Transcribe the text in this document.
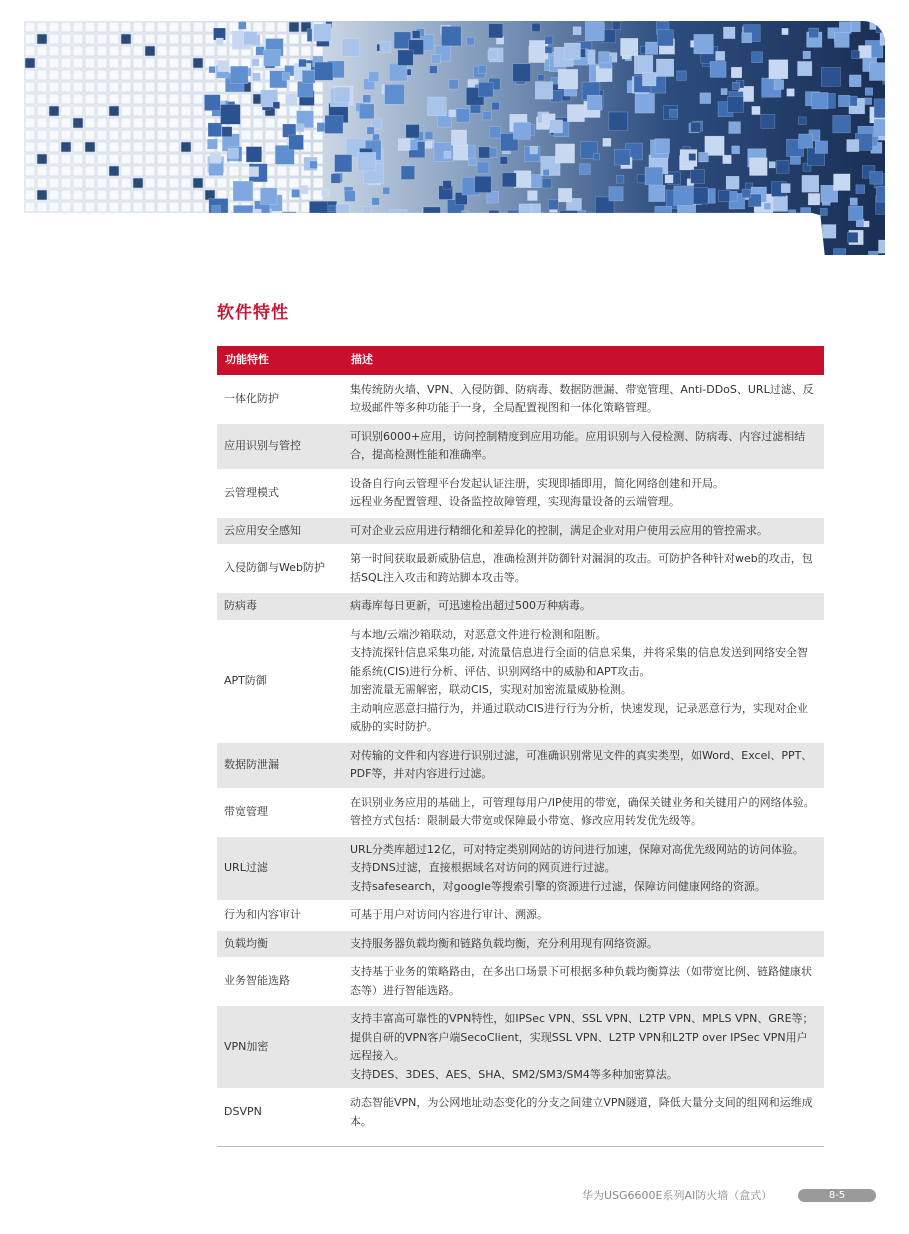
软件特性
功能特性	描述
一体化防护	集传统防火墙、VPN、入侵防御、防病毒、数据防泄漏、带宽管理、Anti-DDoS、URL过滤、反垃圾邮件等多种功能于一身，全局配置视图和一体化策略管理。

应用识别与管控	可识别6000+应用，访问控制精度到应用功能。应用识别与入侵检测、防病毒、内容过滤相结合，提高检测性能和准确率。

云管理模式	设备自行向云管理平台发起认证注册，实现即插即用，简化网络创建和开局。
远程业务配置管理、设备监控故障管理，实现海量设备的云端管理。

云应用安全感知	可对企业云应用进行精细化和差异化的控制，满足企业对用户使用云应用的管控需求。

入侵防御与Web防护	第一时间获取最新威胁信息，准确检测并防御针对漏洞的攻击。可防护各种针对web的攻击，包括SQL注入攻击和跨站脚本攻击等。

防病毒	病毒库每日更新，可迅速检出超过500万种病毒。

APT防御	与本地/云端沙箱联动，对恶意文件进行检测和阻断。
支持流探针信息采集功能, 对流量信息进行全面的信息采集，并将采集的信息发送到网络安全智能系统(CIS)进行分析、评估、识别网络中的威胁和APT攻击。
加密流量无需解密，联动CIS，实现对加密流量威胁检测。
主动响应恶意扫描行为，并通过联动CIS进行行为分析，快速发现，记录恶意行为，实现对企业威胁的实时防护。

数据防泄漏	对传输的文件和内容进行识别过滤，可准确识别常见文件的真实类型，如Word、Excel、PPT、PDF等，并对内容进行过滤。

带宽管理	在识别业务应用的基础上，可管理每用户/IP使用的带宽，确保关键业务和关键用户的网络体验。管控方式包括：限制最大带宽或保障最小带宽、修改应用转发优先级等。

URL过滤	URL分类库超过12亿，可对特定类别网站的访问进行加速，保障对高优先级网站的访问体验。
支持DNS过滤，直接根据域名对访问的网页进行过滤。
支持safesearch，对google等搜索引擎的资源进行过滤，保障访问健康网络的资源。

行为和内容审计	可基于用户对访问内容进行审计、溯源。

负载均衡	支持服务器负载均衡和链路负载均衡，充分利用现有网络资源。

业务智能选路	支持基于业务的策略路由，在多出口场景下可根据多种负载均衡算法（如带宽比例、链路健康状态等）进行智能选路。

VPN加密	支持丰富高可靠性的VPN特性，如IPSec VPN、SSL VPN、L2TP VPN、MPLS VPN、GRE等；提供自研的VPN客户端SecoClient，实现SSL VPN、L2TP VPN和L2TP over IPSec VPN用户远程接入。
支持DES、3DES、AES、SHA、SM2/SM3/SM4等多种加密算法。

DSVPN	动态智能VPN，为公网地址动态变化的分支之间建立VPN隧道，降低大量分支间的组网和运维成本。
华为USG6600E系列AI防火墙（盒式）	8-5
